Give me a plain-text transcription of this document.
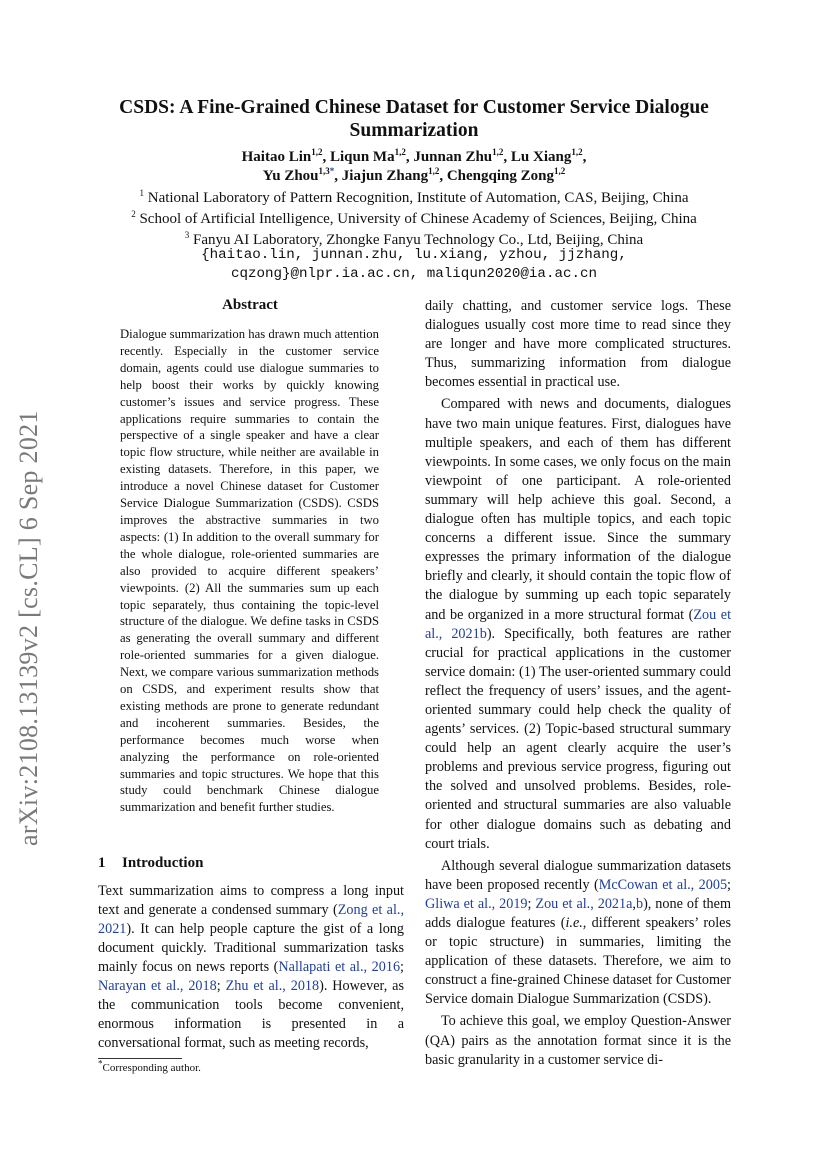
CSDS: A Fine-Grained Chinese Dataset for Customer Service Dialogue
Summarization
Haitao Lin$^{1,2}$, Liqun Ma$^{1,2}$, Junnan Zhu$^{1,2}$, Lu Xiang$^{1,2}$,
Yu Zhou$^{1,3*}$, Jiajun Zhang$^{1,2}$, Chengqing Zong$^{1,2}$
$^1$ National Laboratory of Pattern Recognition, Institute of Automation, CAS, Beijing, China
$^2$ School of Artificial Intelligence, University of Chinese Academy of Sciences, Beijing, China
$^3$ Fanyu AI Laboratory, Zhongke Fanyu Technology Co., Ltd, Beijing, China
{haitao.lin, junnan.zhu, lu.xiang, yzhou, jjzhang,
cqzong}@nlpr.ia.ac.cn, maliqun2020@ia.ac.cn
arXiv:2108.13139v2 [cs.CL] 6 Sep 2021
Abstract
Dialogue summarization has drawn much attention recently. Especially in the customer service domain, agents could use dialogue summaries to help boost their works by quickly knowing customer’s issues and service progress. These applications require summaries to contain the perspective of a single speaker and have a clear topic flow structure, while neither are available in existing datasets. Therefore, in this paper, we introduce a novel Chinese dataset for Customer Service Dialogue Summarization (CSDS). CSDS improves the abstractive summaries in two aspects: (1) In addition to the overall summary for the whole dialogue, role-oriented summaries are also provided to acquire different speakers’ viewpoints. (2) All the summaries sum up each topic separately, thus containing the topic-level structure of the dialogue. We define tasks in CSDS as generating the overall summary and different role-oriented summaries for a given dialogue. Next, we compare various summarization methods on CSDS, and experiment results show that existing methods are prone to generate redundant and incoherent summaries. Besides, the performance becomes much worse when analyzing the performance on role-oriented summaries and topic structures. We hope that this study could benchmark Chinese dialogue summarization and benefit further studies.
1 Introduction
Text summarization aims to compress a long input text and generate a condensed summary (Zong et al., 2021). It can help people capture the gist of a long document quickly. Traditional summarization tasks mainly focus on news reports (Nallapati et al., 2016; Narayan et al., 2018; Zhu et al., 2018). However, as the communication tools become convenient, enormous information is presented in a conversational format, such as meeting records,
*Corresponding author.

daily chatting, and customer service logs. These dialogues usually cost more time to read since they are longer and have more complicated structures. Thus, summarizing information from dialogue becomes essential in practical use.

Compared with news and documents, dialogues have two main unique features. First, dialogues have multiple speakers, and each of them has different viewpoints. In some cases, we only focus on the main viewpoint of one participant. A role-oriented summary will help achieve this goal. Second, a dialogue often has multiple topics, and each topic concerns a different issue. Since the summary expresses the primary information of the dialogue briefly and clearly, it should contain the topic flow of the dialogue by summing up each topic separately and be organized in a more structural format (Zou et al., 2021b). Specifically, both features are rather crucial for practical applications in the customer service domain: (1) The user-oriented summary could reflect the frequency of users’ issues, and the agent-oriented summary could help check the quality of agents’ services. (2) Topic-based structural summary could help an agent clearly acquire the user’s problems and previous service progress, figuring out the solved and unsolved problems. Besides, role-oriented and structural summaries are also valuable for other dialogue domains such as debating and court trials.

Although several dialogue summarization datasets have been proposed recently (McCowan et al., 2005; Gliwa et al., 2019; Zou et al., 2021a,b), none of them adds dialogue features (i.e., different speakers’ roles or topic structure) in summaries, limiting the application of these datasets. Therefore, we aim to construct a fine-grained Chinese dataset for Customer Service domain Dialogue Summarization (CSDS).

To achieve this goal, we employ Question-Answer (QA) pairs as the annotation format since it is the basic granularity in a customer service di-
